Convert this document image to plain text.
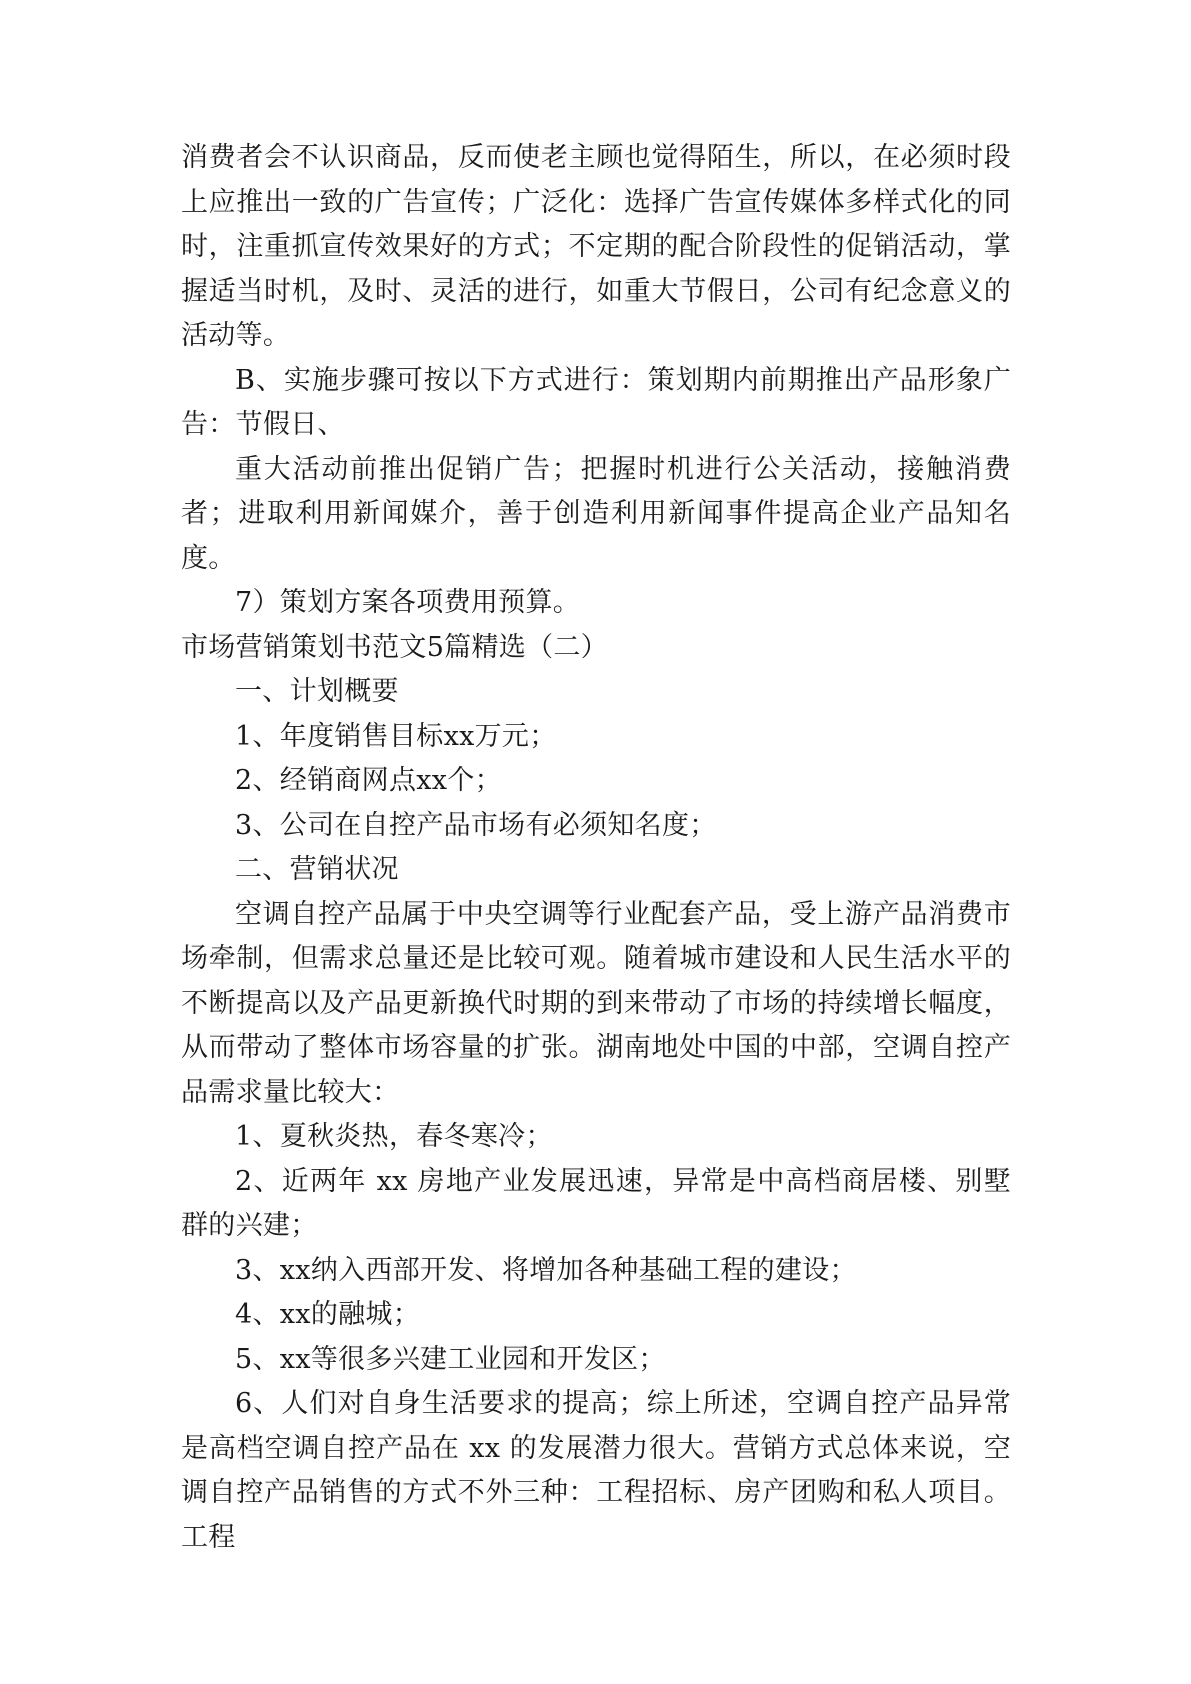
消费者会不认识商品，反而使老主顾也觉得陌生，所以，在必须时段上应推出一致的广告宣传；广泛化：选择广告宣传媒体多样式化的同时，注重抓宣传效果好的方式；不定期的配合阶段性的促销活动，掌握适当时机，及时、灵活的进行，如重大节假日，公司有纪念意义的活动等。

B、实施步骤可按以下方式进行：策划期内前期推出产品形象广告：节假日、

重大活动前推出促销广告；把握时机进行公关活动，接触消费者；进取利用新闻媒介，善于创造利用新闻事件提高企业产品知名度。

7）策划方案各项费用预算。

市场营销策划书范文5篇精选（二）

一、计划概要

1、年度销售目标xx万元；

2、经销商网点xx个；

3、公司在自控产品市场有必须知名度；

二、营销状况

空调自控产品属于中央空调等行业配套产品，受上游产品消费市场牵制，但需求总量还是比较可观。随着城市建设和人民生活水平的不断提高以及产品更新换代时期的到来带动了市场的持续增长幅度，从而带动了整体市场容量的扩张。湖南地处中国的中部，空调自控产品需求量比较大：

1、夏秋炎热，春冬寒冷；

2、近两年 xx 房地产业发展迅速，异常是中高档商居楼、别墅群的兴建；

3、xx纳入西部开发、将增加各种基础工程的建设；

4、xx的融城；

5、xx等很多兴建工业园和开发区；

6、人们对自身生活要求的提高；综上所述，空调自控产品异常是高档空调自控产品在 xx 的发展潜力很大。营销方式总体来说，空调自控产品销售的方式不外三种：工程招标、房产团购和私人项目。工程
